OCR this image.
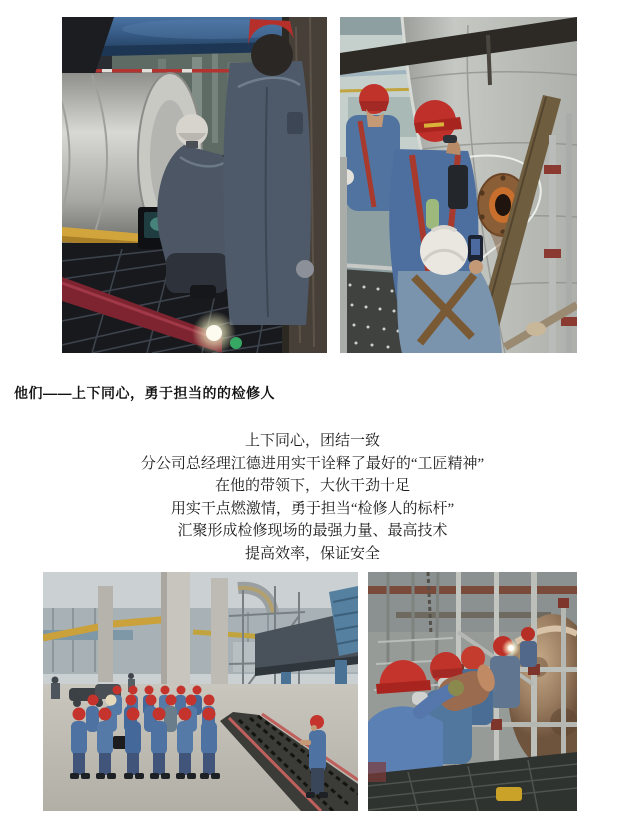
他们——上下同心，勇于担当的的检修人

上下同心，团结一致

分公司总经理江德进用实干诠释了最好的“工匠精神”

在他的带领下，大伙干劲十足

用实干点燃激情，勇于担当“检修人的标杆”

汇聚形成检修现场的最强力量、最高技术

提高效率，保证安全
